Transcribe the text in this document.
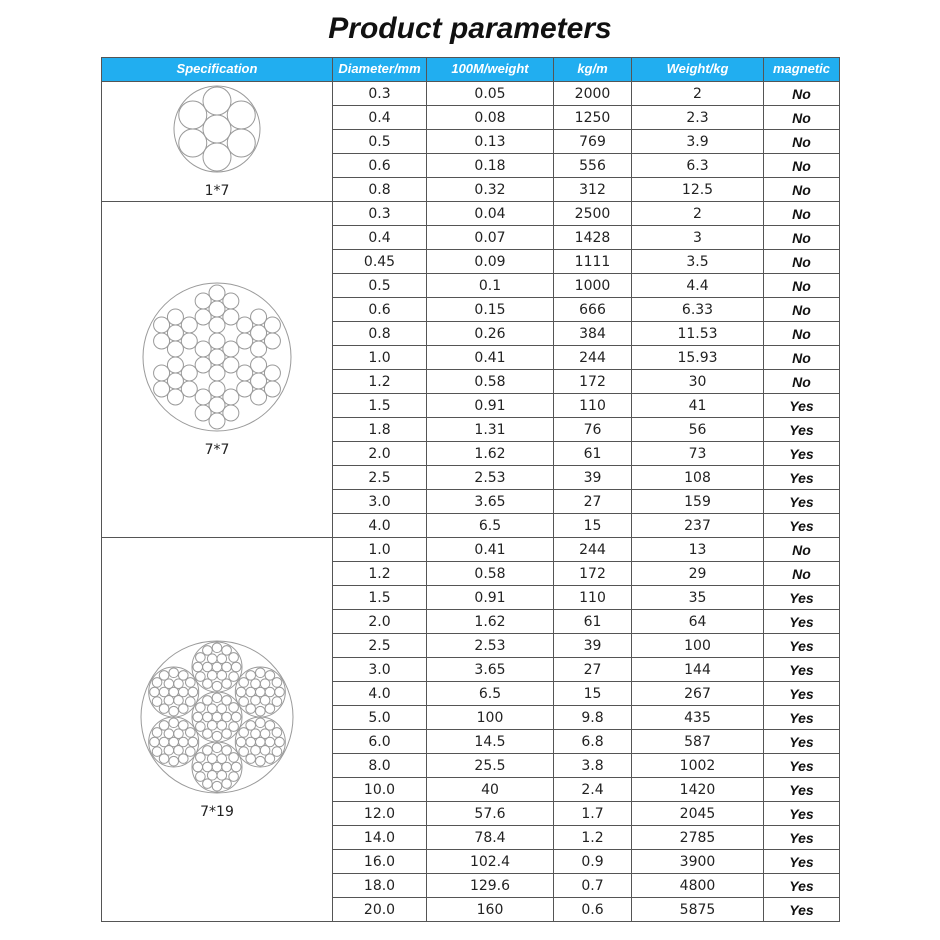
Product parameters
Specification	Diameter/mm	100M/weight	kg/m	Weight/kg	magnetic

1*7	0.3	0.05	2000	2	No
	0.4	0.08	1250	2.3	No
	0.5	0.13	769	3.9	No
	0.6	0.18	556	6.3	No
	0.8	0.32	312	12.5	No

7*7	0.3	0.04	2500	2	No
	0.4	0.07	1428	3	No
	0.45	0.09	1111	3.5	No
	0.5	0.1	1000	4.4	No
	0.6	0.15	666	6.33	No
	0.8	0.26	384	11.53	No
	1.0	0.41	244	15.93	No
	1.2	0.58	172	30	No
	1.5	0.91	110	41	Yes
	1.8	1.31	76	56	Yes
	2.0	1.62	61	73	Yes
	2.5	2.53	39	108	Yes
	3.0	3.65	27	159	Yes
	4.0	6.5	15	237	Yes

7*19	1.0	0.41	244	13	No
	1.2	0.58	172	29	No
	1.5	0.91	110	35	Yes
	2.0	1.62	61	64	Yes
	2.5	2.53	39	100	Yes
	3.0	3.65	27	144	Yes
	4.0	6.5	15	267	Yes
	5.0	100	9.8	435	Yes
	6.0	14.5	6.8	587	Yes
	8.0	25.5	3.8	1002	Yes
	10.0	40	2.4	1420	Yes
	12.0	57.6	1.7	2045	Yes
	14.0	78.4	1.2	2785	Yes
	16.0	102.4	0.9	3900	Yes
	18.0	129.6	0.7	4800	Yes
	20.0	160	0.6	5875	Yes
